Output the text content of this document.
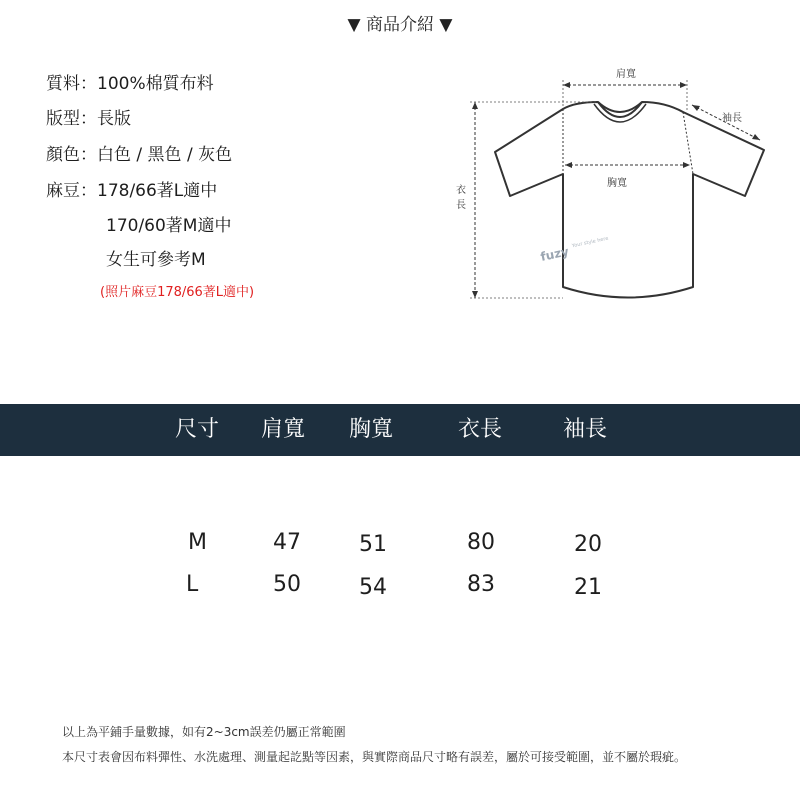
▼ 商品介紹 ▼
質料：100%棉質布料
版型：長版
顏色：白色 / 黑色 / 灰色
麻豆：178/66著L適中
170/60著M適中
女生可參考M
(照片麻豆178/66著L適中)
肩寬
胸寬
袖長
衣
長
fuzy
Your style here
尺寸 肩寬 胸寬	衣長	袖長
M	47	51	80	20
L	50	54	83	21
以上為平鋪手量數據，如有2~3cm誤差仍屬正常範圍
本尺寸表會因布料彈性、水洗處理、測量起訖點等因素，與實際商品尺寸略有誤差，屬於可接受範圍，並不屬於瑕疵。
